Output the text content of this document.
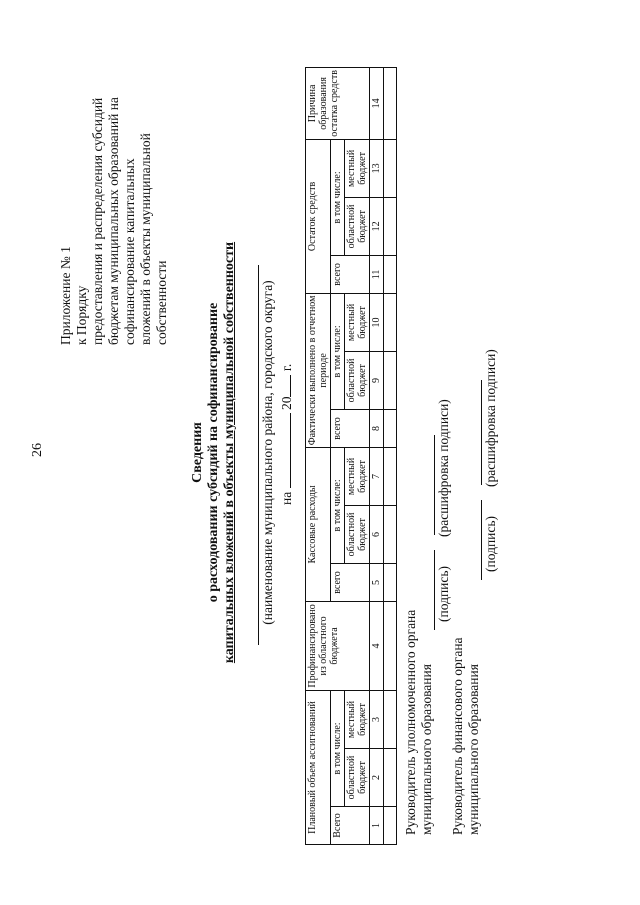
26
Приложение № 1 к Порядку предоставления и распределения субсидий бюджетам муниципальных образований на софинансирование капитальных вложений в объекты муниципальной собственности
Сведения о расходовании субсидий на софинансирование капитальных вложений в объекты муниципальной собственности (наименование муниципального района, городского округа) на  20 г.
Плановый объем ассигнований			Профинансировано из областного бюджета	Кассовые расходы			Фактически выполнено в отчетном периоде			Остаток средств			Причина образования остатка средств
Всего	в том числе:			всего	в том числе:		всего	в том числе:		всего	в том числе:		
	областной бюджет	местный бюджет			областной бюджет	местный бюджет		областной бюджет	местный бюджет		областной бюджет	местный бюджет	
1	2	3	4	5	6	7	8	9	10	11	12	13	14

Руководитель уполномоченного органа муниципального образования
(подпись)
(расшифровка подписи)
Руководитель финансового органа муниципального образования
(подпись)
(расшифровка подписи)
